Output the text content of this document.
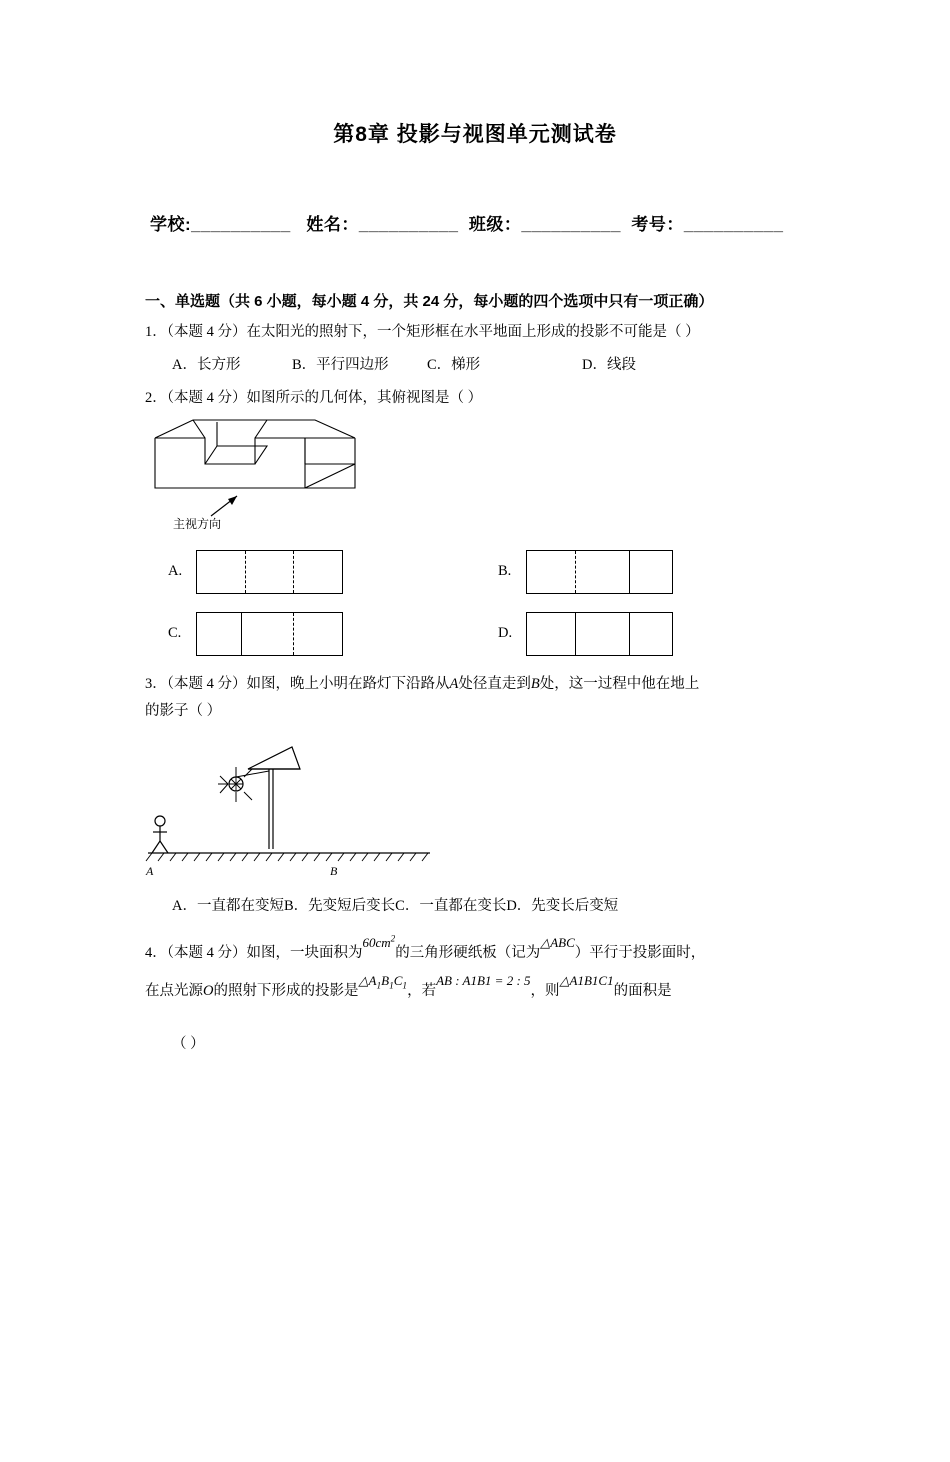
第8章 投影与视图单元测试卷
学校:__________ 姓名：__________ 班级：__________ 考号：__________
一、单选题（共 6 小题，每小题 4 分，共 24 分，每小题的四个选项中只有一项正确）
1．（本题 4 分）在太阳光的照射下，一个矩形框在水平地面上形成的投影不可能是（ ）
A．长方形	B．平行四边形	C．梯形	D．线段
2．（本题 4 分）如图所示的几何体，其俯视图是（ ）
主视方向
A.	B.
C.	D.
3．（本题 4 分）如图，晚上小明在路灯下沿路从A处径直走到B处，这一过程中他在地上
的影子（ ）
A	B
A．一直都在变短B．先变短后变长C．一直都在变长D．先变长后变短
4．（本题 4 分）如图，一块面积为$60cm^2$的三角形硬纸板（记为△ABC）平行于投影面时，
在点光源O的照射下形成的投影是$\triangle A_1B_1C_1$，若AB : A1B1 = 2 : 5，则△A1B1C1的面积是
（ ）
